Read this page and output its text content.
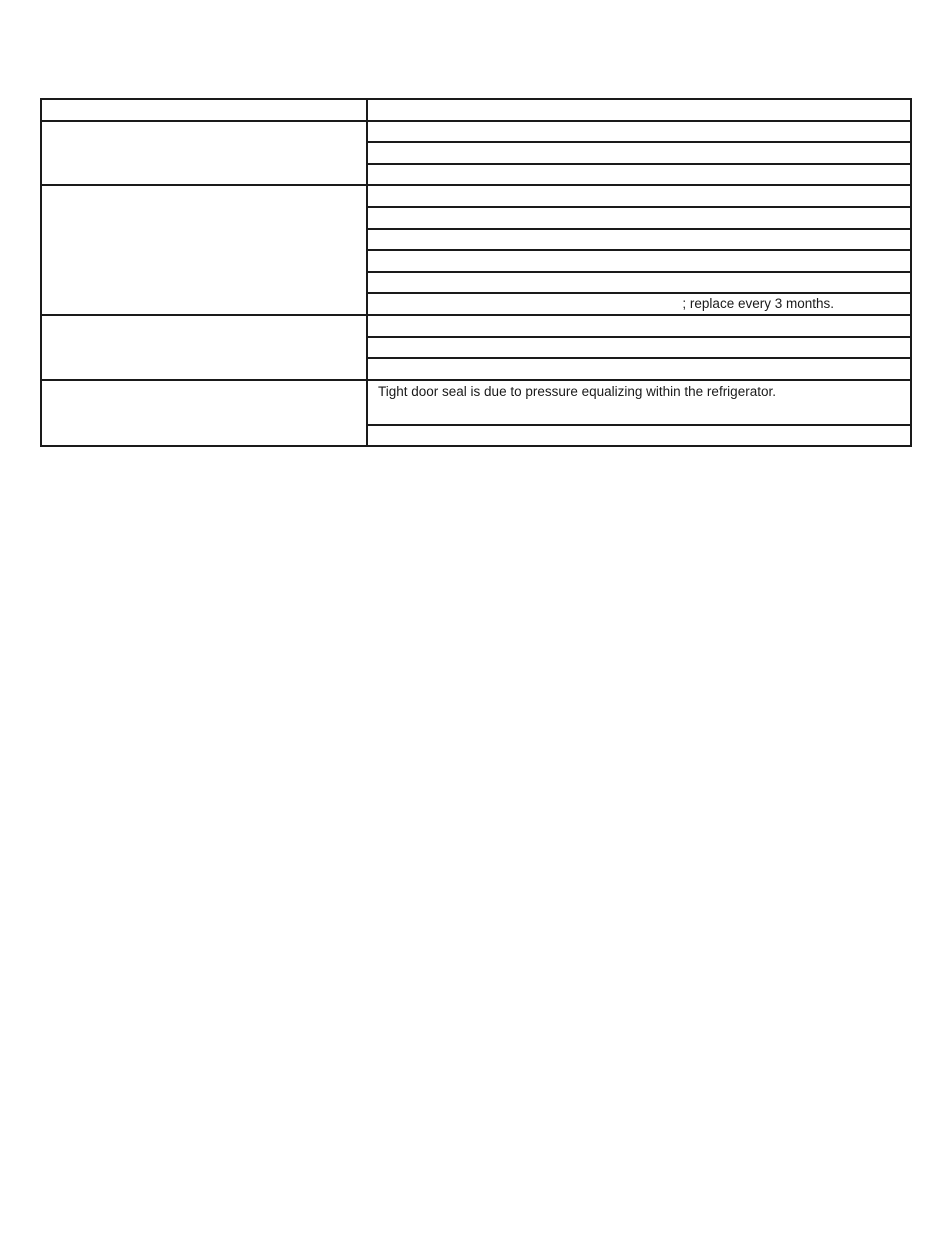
	; replace every 3 months.

	Tight door seal is due to pressure equalizing within the refrigerator.
